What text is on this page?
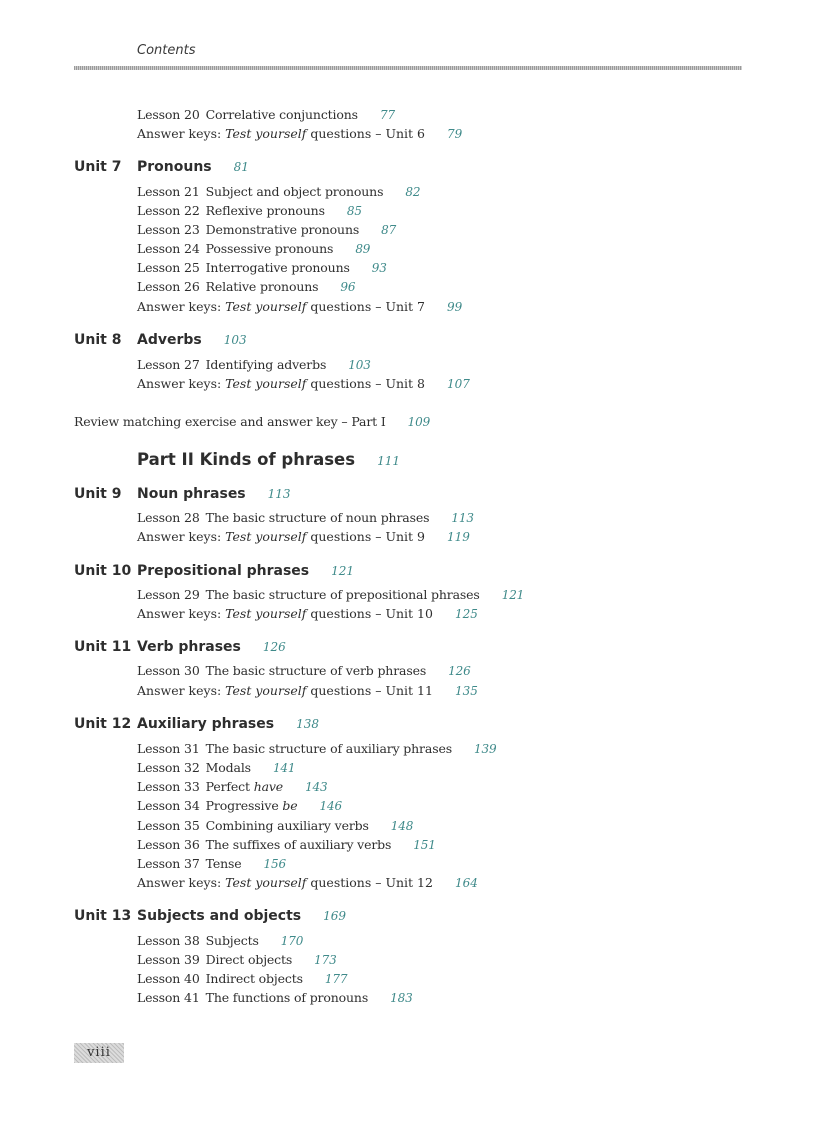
Contents
Lesson 20 Correlative conjunctions 77
Answer keys: Test yourself questions – Unit 6 79
Unit 7 Pronouns 81
Lesson 21 Subject and object pronouns 82
Lesson 22 Reflexive pronouns 85
Lesson 23 Demonstrative pronouns 87
Lesson 24 Possessive pronouns 89
Lesson 25 Interrogative pronouns 93
Lesson 26 Relative pronouns 96
Answer keys: Test yourself questions – Unit 7 99
Unit 8 Adverbs 103
Lesson 27 Identifying adverbs 103
Answer keys: Test yourself questions – Unit 8 107
Review matching exercise and answer key – Part I 109
Part II Kinds of phrases 111
Unit 9 Noun phrases 113
Lesson 28 The basic structure of noun phrases 113
Answer keys: Test yourself questions – Unit 9 119
Unit 10 Prepositional phrases 121
Lesson 29 The basic structure of prepositional phrases 121
Answer keys: Test yourself questions – Unit 10 125
Unit 11 Verb phrases 126
Lesson 30 The basic structure of verb phrases 126
Answer keys: Test yourself questions – Unit 11 135
Unit 12 Auxiliary phrases 138
Lesson 31 The basic structure of auxiliary phrases 139
Lesson 32 Modals 141
Lesson 33 Perfect have 143
Lesson 34 Progressive be 146
Lesson 35 Combining auxiliary verbs 148
Lesson 36 The suffixes of auxiliary verbs 151
Lesson 37 Tense 156
Answer keys: Test yourself questions – Unit 12 164
Unit 13 Subjects and objects 169
Lesson 38 Subjects 170
Lesson 39 Direct objects 173
Lesson 40 Indirect objects 177
Lesson 41 The functions of pronouns 183
viii
